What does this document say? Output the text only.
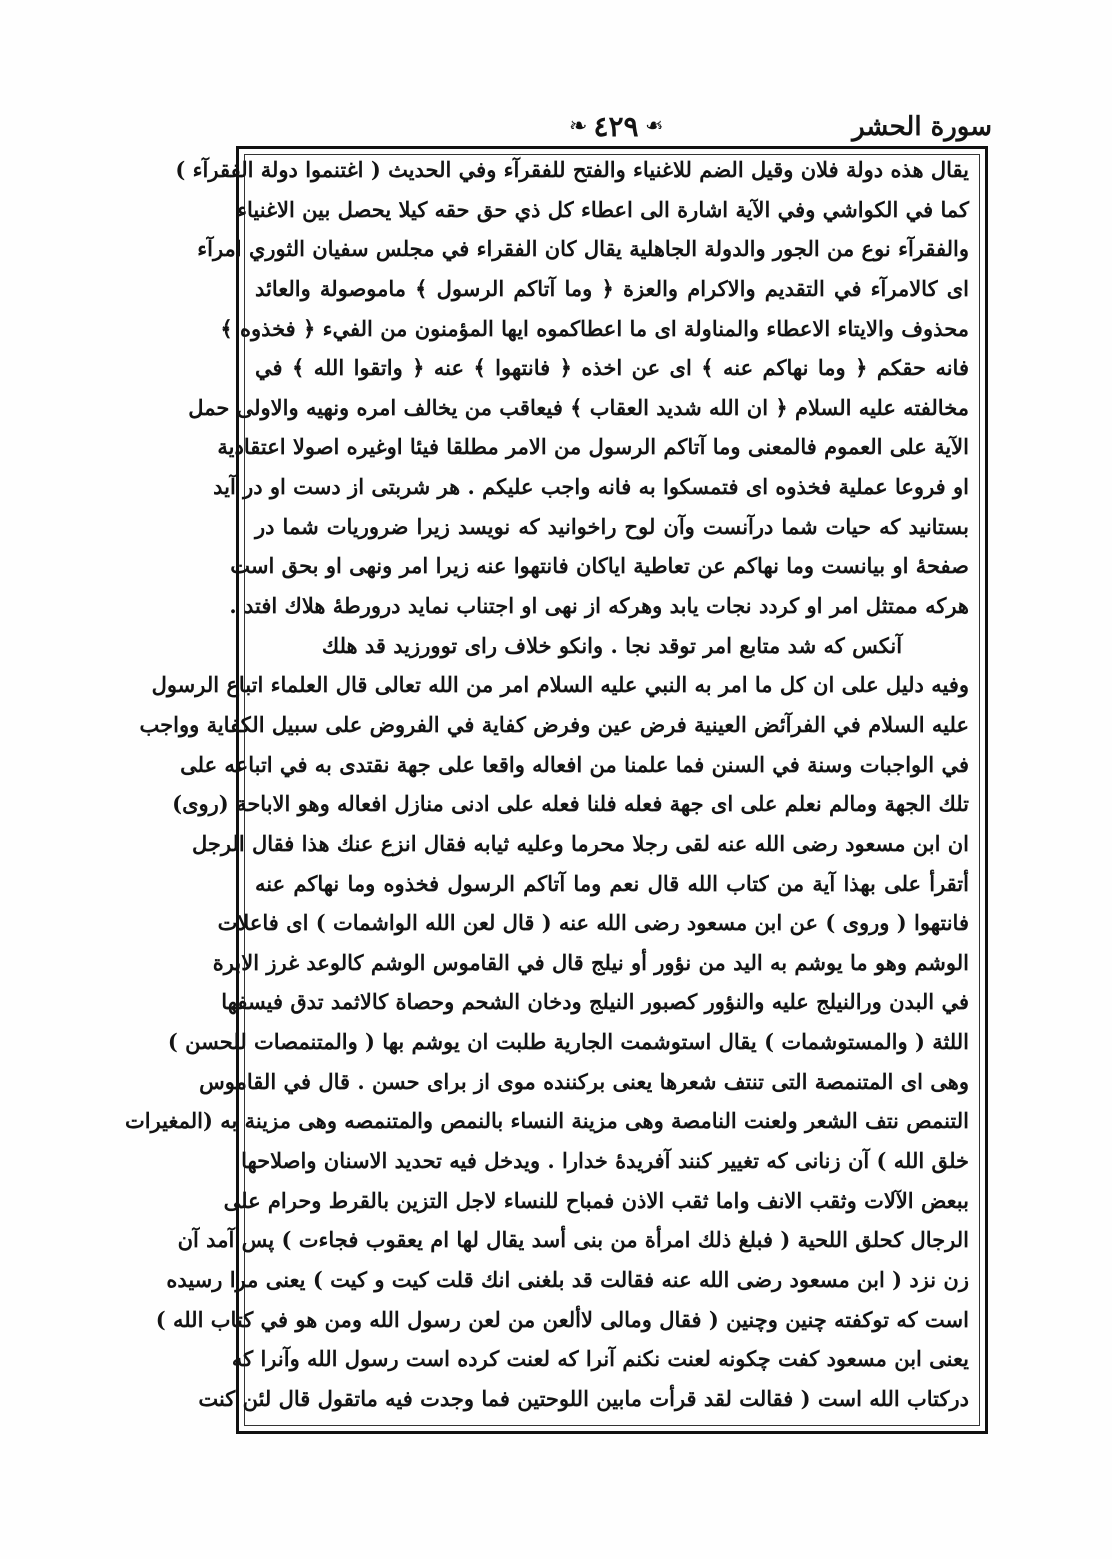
سورة الحشر
❧ ٤٢٩ ❧
يقال هذه دولة فلان وقيل الضم للاغنياء والفتح للفقرآء وفي الحديث ( اغتنموا دولة الفقرآء )
كما في الكواشي وفي الآية اشارة الى اعطاء كل ذي حق حقه كيلا يحصل بين الاغنياء
والفقرآء نوع من الجور والدولة الجاهلية يقال كان الفقراء في مجلس سفيان الثوري امرآء
اى كالامرآء في التقديم والاكرام والعزة ﴿ وما آتاكم الرسول ﴾ ماموصولة والعائد
محذوف والايتاء الاعطاء والمناولة اى ما اعطاكموه ايها المؤمنون من الفيء ﴿ فخذوه ﴾
فانه حقكم ﴿ وما نهاكم عنه ﴾ اى عن اخذه ﴿ فانتهوا ﴾ عنه ﴿ واتقوا الله ﴾ في
مخالفته عليه السلام ﴿ ان الله شديد العقاب ﴾ فيعاقب من يخالف امره ونهيه والاولى حمل
الآية على العموم فالمعنى وما آتاكم الرسول من الامر مطلقا فيئا اوغيره اصولا اعتقادية
او فروعا عملية فخذوه اى فتمسكوا به فانه واجب عليكم . هر شربتى از دست او در آيد
بستانيد كه حيات شما درآنست وآن لوح راخوانيد كه نويسد زيرا ضروريات شما در
صفحهٔ او بيانست وما نهاكم عن تعاطية اياكان فانتهوا عنه زيرا امر ونهى او بحق است
هركه ممتثل امر او كردد نجات يابد وهركه از نهى او اجتناب نمايد درورطهٔ هلاك افتد .
آنكس كه شد متابع امر توقد نجا . وانكو خلاف راى توورزيد قد هلك
وفيه دليل على ان كل ما امر به النبي عليه السلام امر من الله تعالى قال العلماء اتباع الرسول
عليه السلام في الفرآئض العينية فرض عين وفرض كفاية في الفروض على سبيل الكفاية وواجب
في الواجبات وسنة في السنن فما علمنا من افعاله واقعا على جهة نقتدى به في اتباعه على
تلك الجهة ومالم نعلم على اى جهة فعله فلنا فعله على ادنى منازل افعاله وهو الاباحة (روى)
ان ابن مسعود رضى الله عنه لقى رجلا محرما وعليه ثيابه فقال انزع عنك هذا فقال الرجل
أتقرأ على بهذا آية من كتاب الله قال نعم وما آتاكم الرسول فخذوه وما نهاكم عنه
فانتهوا ( وروى ) عن ابن مسعود رضى الله عنه ( قال لعن الله الواشمات ) اى فاعلات
الوشم وهو ما يوشم به اليد من نؤور أو نيلج قال في القاموس الوشم كالوعد غرز الابرة
في البدن ورالنيلج عليه والنؤور كصبور النيلج ودخان الشحم وحصاة كالاثمد تدق فيسفها
اللثة ( والمستوشمات ) يقال استوشمت الجارية طلبت ان يوشم بها ( والمتنمصات للحسن )
وهى اى المتنمصة التى تنتف شعرها يعنى بركننده موى از براى حسن . قال في القاموس
التنمص نتف الشعر ولعنت النامصة وهى مزينة النساء بالنمص والمتنمصه وهى مزينة به (المغيرات
خلق الله ) آن زنانى كه تغيير كنند آفريدهٔ خدارا . ويدخل فيه تحديد الاسنان واصلاحها
ببعض الآلات وثقب الانف واما ثقب الاذن فمباح للنساء لاجل التزين بالقرط وحرام على
الرجال كحلق اللحية ( فبلغ ذلك امرأة من بنى أسد يقال لها ام يعقوب فجاءت ) پس آمد آن
زن نزد ( ابن مسعود رضى الله عنه فقالت قد بلغنى انك قلت كيت و كيت ) يعنى مرا رسيده
است كه توكفته چنين وچنين ( فقال ومالى لاألعن من لعن رسول الله ومن هو في كتاب الله )
يعنى ابن مسعود كفت چكونه لعنت نكنم آنرا كه لعنت كرده است رسول الله وآنرا كه
دركتاب الله است ( فقالت لقد قرأت مابين اللوحتين فما وجدت فيه ماتقول قال لئن كنت
